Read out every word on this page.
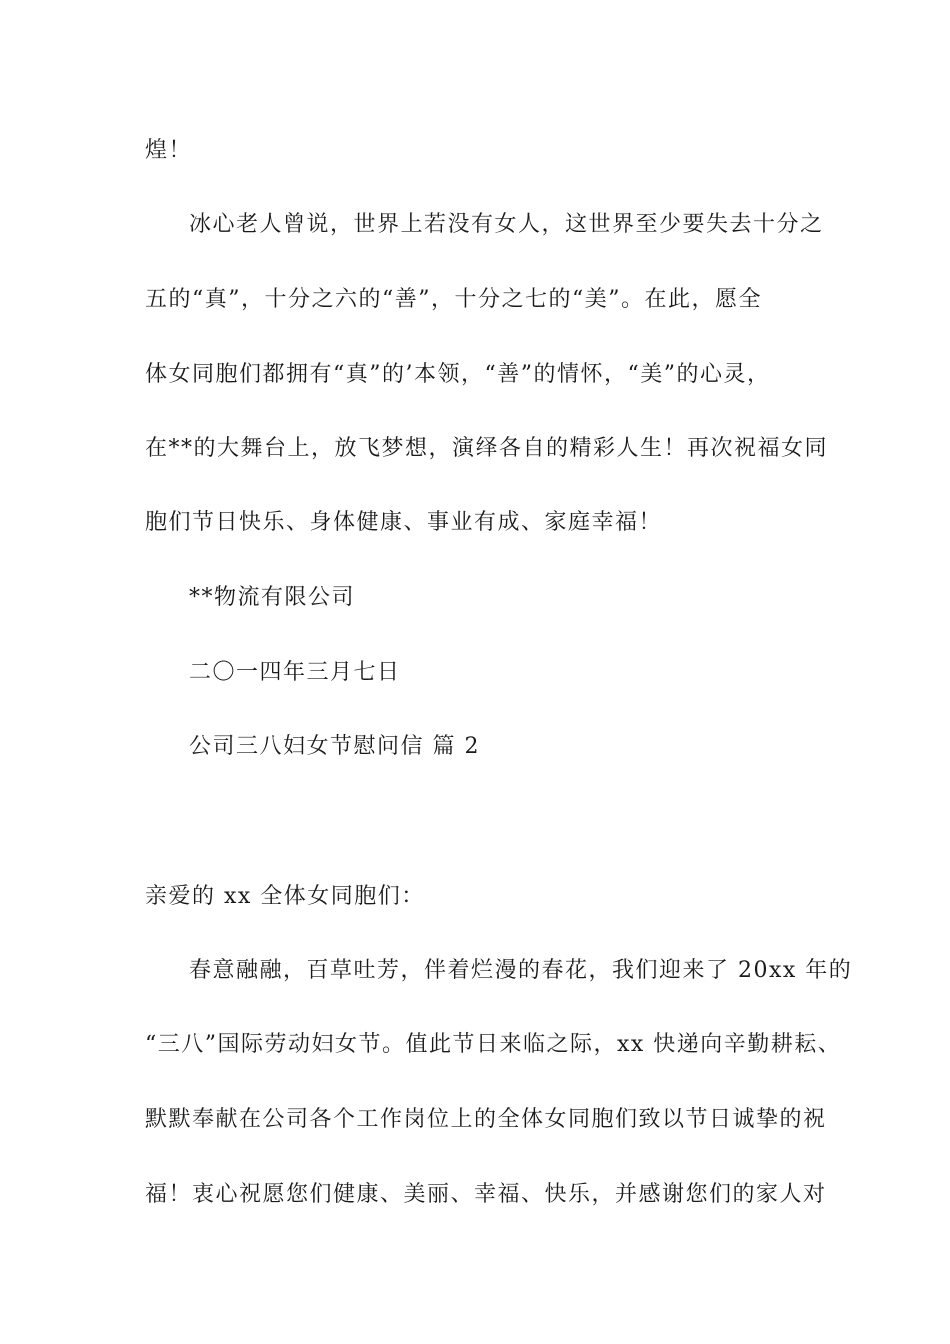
煌！
冰心老人曾说，世界上若没有女人，这世界至少要失去十分之
五的“真”，十分之六的“善”，十分之七的“美”。在此，愿全
体女同胞们都拥有“真”的’本领，“善”的情怀，“美”的心灵，
在**的大舞台上，放飞梦想，演绎各自的精彩人生！再次祝福女同
胞们节日快乐、身体健康、事业有成、家庭幸福！
**物流有限公司
二〇一四年三月七日
公司三八妇女节慰问信 篇 2
亲爱的 xx 全体女同胞们：
春意融融，百草吐芳，伴着烂漫的春花，我们迎来了 20xx 年的
“三八”国际劳动妇女节。值此节日来临之际，xx 快递向辛勤耕耘、
默默奉献在公司各个工作岗位上的全体女同胞们致以节日诚挚的祝
福！衷心祝愿您们健康、美丽、幸福、快乐，并感谢您们的家人对
